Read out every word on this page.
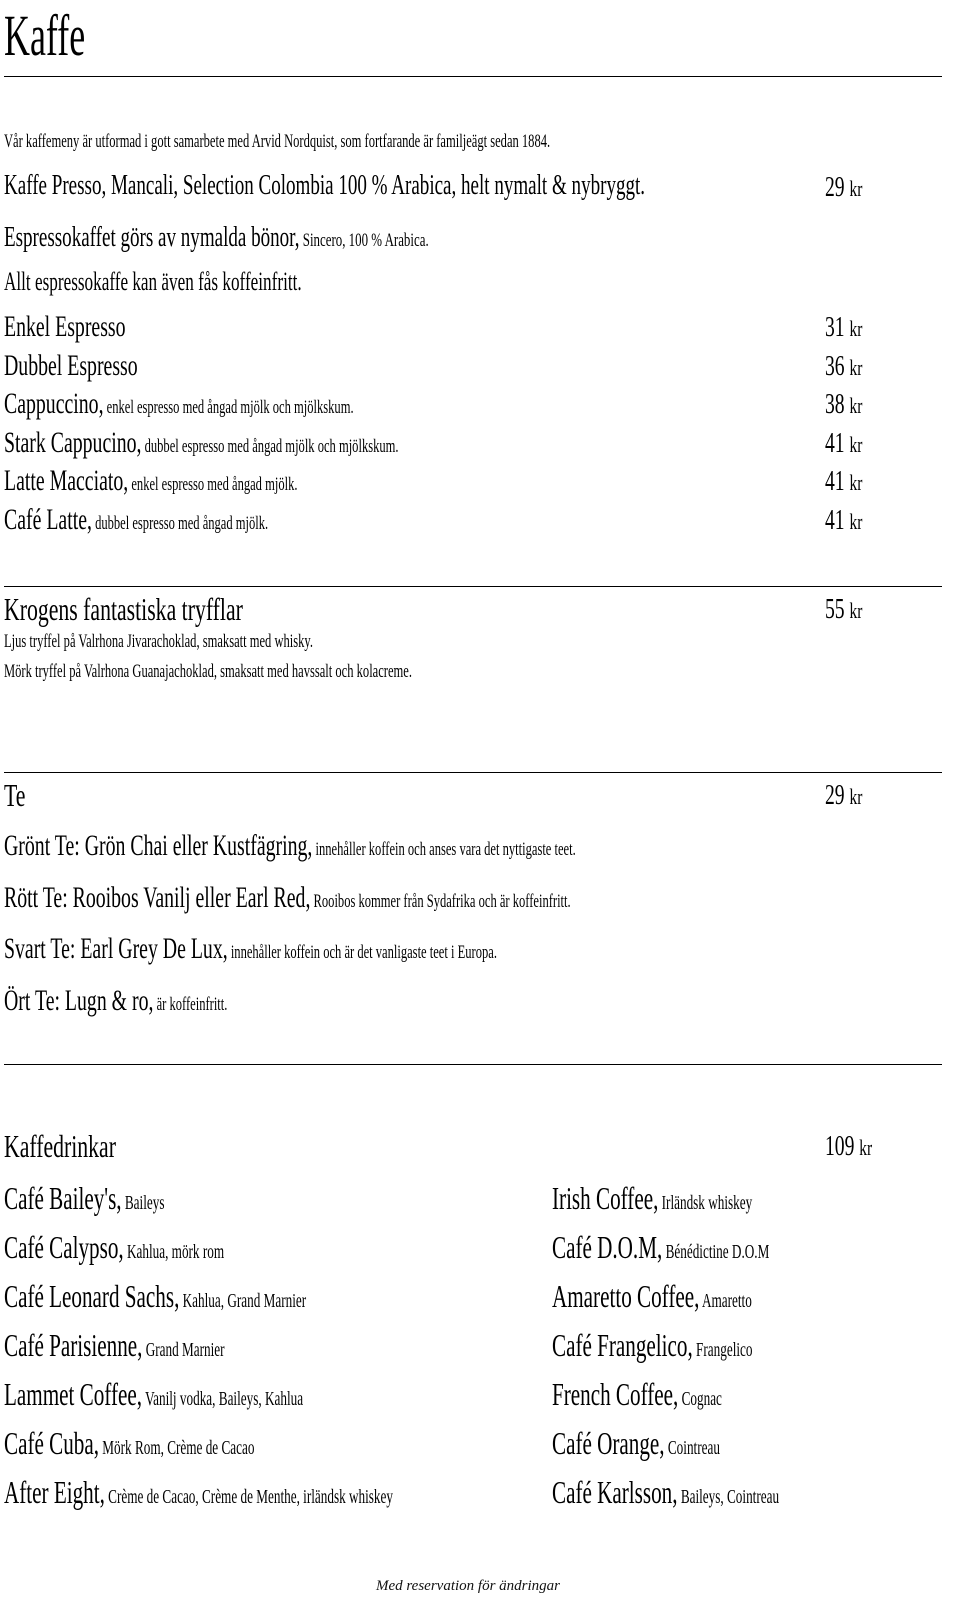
Kaffe
Vår kaffemeny är utformad i gott samarbete med Arvid Nordquist, som fortfarande är familjeägt sedan 1884.
Kaffe Presso, Mancali, Selection Colombia 100 % Arabica, helt nymalt & nybryggt.	29 kr
Espressokaffet görs av nymalda bönor, Sincero, 100 % Arabica.
Allt espressokaffe kan även fås koffeinfritt.
Enkel Espresso	31 kr
Dubbel Espresso	36 kr
Cappuccino, enkel espresso med ångad mjölk och mjölkskum.	38 kr
Stark Cappucino, dubbel espresso med ångad mjölk och mjölkskum.	41 kr
Latte Macciato, enkel espresso med ångad mjölk.	41 kr
Café Latte, dubbel espresso med ångad mjölk.	41 kr
Krogens fantastiska tryfflar	55 kr
Ljus tryffel på Valrhona Jivarachoklad, smaksatt med whisky.
Mörk tryffel på Valrhona Guanajachoklad, smaksatt med havssalt och kolacreme.
Te	29 kr
Grönt Te: Grön Chai eller Kustfägring, innehåller koffein och anses vara det nyttigaste teet.
Rött Te: Rooibos Vanilj eller Earl Red, Rooibos kommer från Sydafrika och är koffeinfritt.
Svart Te: Earl Grey De Lux, innehåller koffein och är det vanligaste teet i Europa.
Ört Te: Lugn & ro, är koffeinfritt.
Kaffedrinkar	109 kr
Café Bailey's, Baileys
Café Calypso, Kahlua, mörk rom
Café Leonard Sachs, Kahlua, Grand Marnier
Café Parisienne, Grand Marnier
Lammet Coffee, Vanilj vodka, Baileys, Kahlua
Café Cuba, Mörk Rom, Crème de Cacao
After Eight, Crème de Cacao, Crème de Menthe, irländsk whiskey
Irish Coffee, Irländsk whiskey
Café D.O.M, Bénédictine D.O.M
Amaretto Coffee, Amaretto
Café Frangelico, Frangelico
French Coffee, Cognac
Café Orange, Cointreau
Café Karlsson, Baileys, Cointreau
Med reservation för ändringar
